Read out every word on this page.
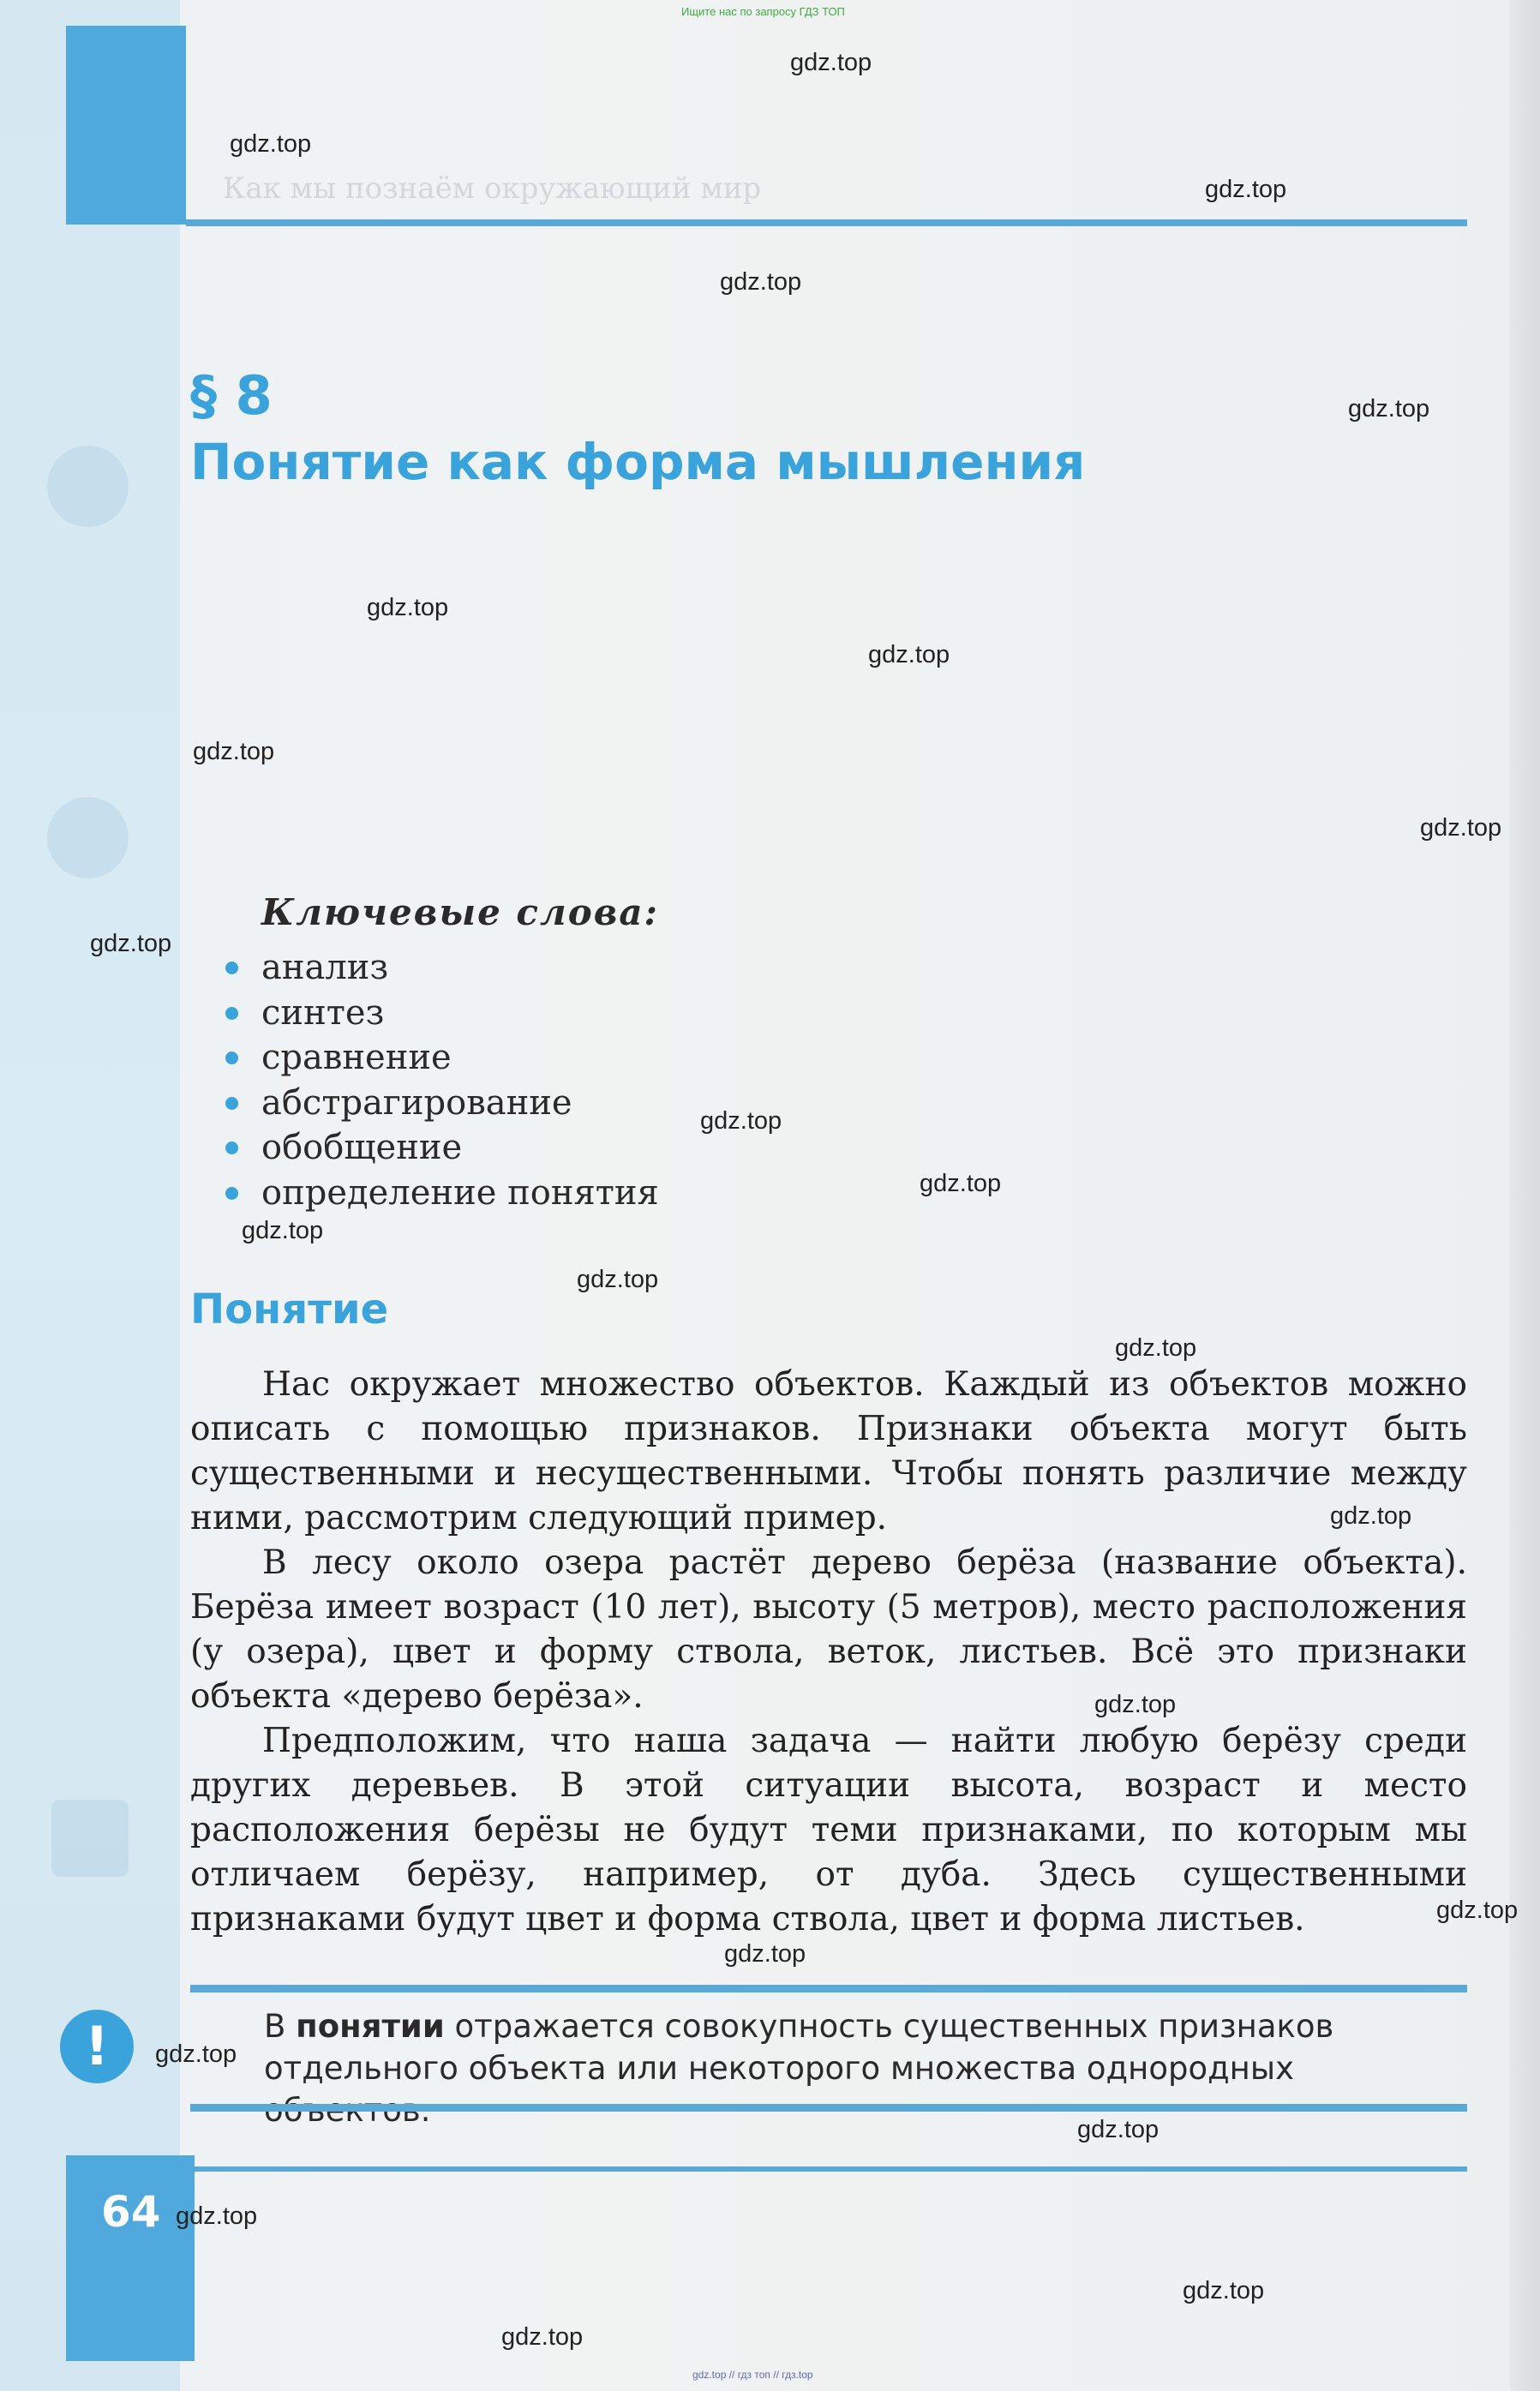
Ищите нас по запросу ГДЗ ТОП
Как мы познаём окружающий мир
§ 8
Понятие как форма мышления
Ключевые слова:
анализ
синтез
сравнение
абстрагирование
обобщение
определение понятия
Понятие

Нас окружает множество объектов. Каждый из объектов можно описать с помощью признаков. Признаки объекта могут быть существенными и несущественными. Чтобы понять различие между ними, рассмотрим следующий пример.

В лесу около озера растёт дерево берёза (название объекта). Берёза имеет возраст (10 лет), высоту (5 метров), место расположения (у озера), цвет и форму ствола, веток, листьев. Всё это признаки объекта «дерево берёза».

Предположим, что наша задача — найти любую берёзу среди других деревьев. В этой ситуации высота, возраст и место расположения берёзы не будут теми признаками, по которым мы отличаем берёзу, например, от дуба. Здесь существенными признаками будут цвет и форма ствола, цвет и форма листьев.

!	В понятии отражается совокупность существенных признаков отдельного объекта или некоторого множества однородных
64
gdz.top
gdz.top
gdz.top
gdz.top
gdz.top
gdz.top
gdz.top
gdz.top
gdz.top
gdz.top
gdz.top
gdz.top
gdz.top
gdz.top
gdz.top
gdz.top
gdz.top
gdz.top
gdz.top
gdz.top
gdz.top
gdz.top
gdz.top
gdz.top
gdz.top // гдз топ // гдз.top
